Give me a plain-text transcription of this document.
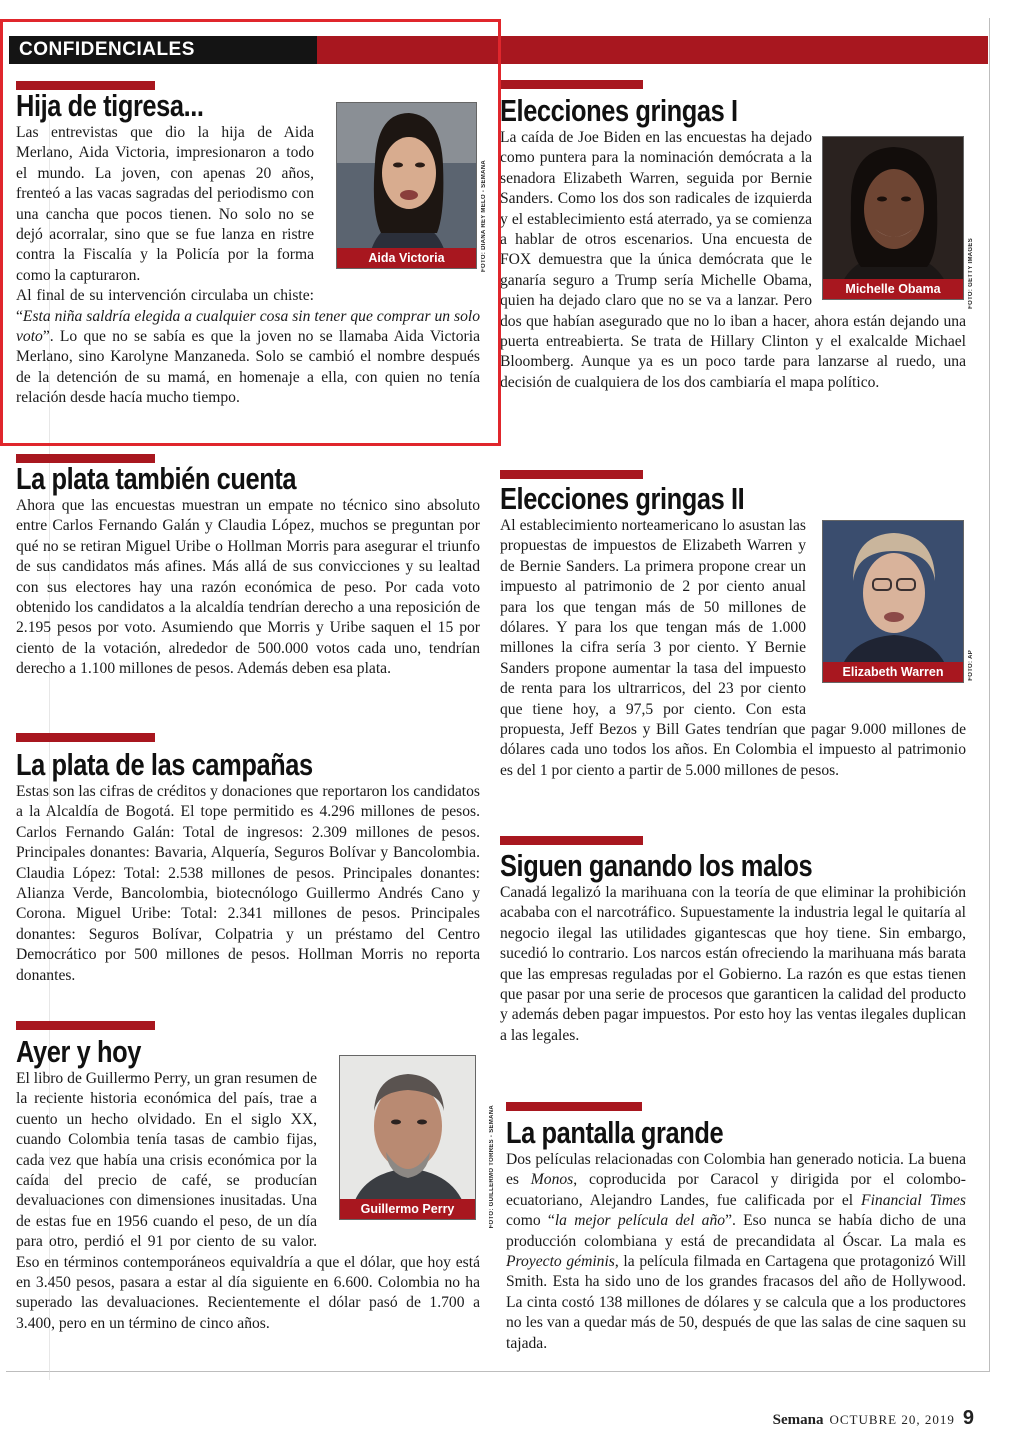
CONFIDENCIALES
Hija de tigresa...

Las entrevistas que dio la hija de Aida Merlano, Aida Victoria, impresionaron a todo el mundo. La joven, con apenas 20 años, frenteó a las vacas sagradas del periodismo con una cancha que pocos tienen. No solo no se dejó acorralar, sino que se fue lanza en ristre contra la Fiscalía y la Policía por la forma como la capturaron.

Al final de su intervención circulaba un chiste: “Esta niña saldría elegida a cualquier cosa sin tener que comprar un solo voto”. Lo que no se sabía es que la joven no se llamaba Aida Victoria Merlano, sino Karolyne Manzaneda. Solo se cambió el nombre después de la detención de su mamá, en homenaje a ella, con quien no tenía relación desde hacía mucho tiempo.
Aida Victoria	FOTO: DIANA REY MELO - SEMANA
La plata también cuenta
Ahora que las encuestas muestran un empate no técnico sino absoluto entre Carlos Fernando Galán y Claudia López, muchos se preguntan por qué no se retiran Miguel Uribe o Hollman Morris para asegurar el triunfo de sus candidatos más afines. Más allá de sus convicciones y su lealtad con sus electores hay una razón económica de peso. Por cada voto obtenido los candidatos a la alcaldía tendrían derecho a una reposición de 2.195 pesos por voto. Asumiendo que Morris y Uribe saquen el 15 por ciento de la votación, alrededor de 500.000 votos cada uno, tendrían derecho a 1.100 millones de pesos. Además deben esa plata.
La plata de las campañas
Estas son las cifras de créditos y donaciones que reportaron los candidatos a la Alcaldía de Bogotá. El tope permitido es 4.296 millones de pesos. Carlos Fernando Galán: Total de ingresos: 2.309 millones de pesos. Principales donantes: Bavaria, Alquería, Seguros Bolívar y Bancolombia. Claudia López: Total: 2.538 millones de pesos. Principales donantes: Alianza Verde, Bancolombia, biotecnólogo Guillermo Andrés Cano y Corona. Miguel Uribe: Total: 2.341 millones de pesos. Principales donantes: Seguros Bolívar, Colpatria y un préstamo del Centro Democrático por 500 millones de pesos. Hollman Morris no reporta donantes.
Ayer y hoy
El libro de Guillermo Perry, un gran resumen de la reciente historia económica del país, trae a cuento un hecho olvidado. En el siglo XX, cuando Colombia tenía tasas de cambio fijas, cada vez que había una crisis económica por la caída del precio de café, se producían devaluaciones con dimensiones inusitadas. Una de estas fue en 1956 cuando el peso, de un día para otro, perdió el 91 por ciento de su valor. Eso en términos contemporáneos equivaldría a que el dólar, que hoy está en 3.450 pesos, pasara a estar al día siguiente en 6.600. Colombia no ha superado las devaluaciones. Recientemente el dólar pasó de 1.700 a 3.400, pero en un término de cinco años.
Guillermo Perry	FOTO: GUILLERMO TORRES - SEMANA
Elecciones gringas I
La caída de Joe Biden en las encuestas ha dejado como puntera para la nominación demócrata a la senadora Elizabeth Warren, seguida por Bernie Sanders. Como los dos son radicales de izquierda y el establecimiento está aterrado, ya se comienza a hablar de otros escenarios. Una encuesta de FOX demuestra que la única demócrata que le ganaría seguro a Trump sería Michelle Obama, quien ha dejado claro que no se va a lanzar. Pero dos que habían asegurado que no lo iban a hacer, ahora están dejando una puerta entreabierta. Se trata de Hillary Clinton y el exalcalde Michael Bloomberg. Aunque ya es un poco tarde para lanzarse al ruedo, una decisión de cualquiera de los dos cambiaría el mapa político.
Michelle Obama	FOTO: GETTY IMAGES
Elecciones gringas II
Al establecimiento norteamericano lo asustan las propuestas de impuestos de Elizabeth Warren y de Bernie Sanders. La primera propone crear un impuesto al patrimonio de 2 por ciento anual para los que tengan más de 50 millones de dólares. Y para los que tengan más de 1.000 millones la cifra sería 3 por ciento. Y Bernie Sanders propone aumentar la tasa del impuesto de renta para los ultrarricos, del 23 por ciento que tiene hoy, a 97,5 por ciento. Con esta propuesta, Jeff Bezos y Bill Gates tendrían que pagar 9.000 millones de dólares cada uno todos los años. En Colombia el impuesto al patrimonio es del 1 por ciento a partir de 5.000 millones de pesos.
Elizabeth Warren	FOTO: AP
Siguen ganando los malos
Canadá legalizó la marihuana con la teoría de que eliminar la prohibición acababa con el narcotráfico. Supuestamente la industria legal le quitaría al negocio ilegal las utilidades gigantescas que hoy tiene. Sin embargo, sucedió lo contrario. Los narcos están ofreciendo la marihuana más barata que las empresas reguladas por el Gobierno. La razón es que estas tienen que pasar por una serie de procesos que garanticen la calidad del producto y además deben pagar impuestos. Por esto hoy las ventas ilegales duplican a las legales.
La pantalla grande
Dos películas relacionadas con Colombia han generado noticia. La buena es Monos, coproducida por Caracol y dirigida por el colombo-ecuatoriano, Alejandro Landes, fue calificada por el Financial Times como “la mejor película del año”. Eso nunca se había dicho de una producción colombiana y está de precandidata al Óscar. La mala es Proyecto géminis, la película filmada en Cartagena que protagonizó Will Smith. Esta ha sido uno de los grandes fracasos del año de Hollywood. La cinta costó 138 millones de dólares y se calcula que a los productores no les van a quedar más de 50, después de que las salas de cine saquen su tajada.
Semana OCTUBRE 20, 2019 9
